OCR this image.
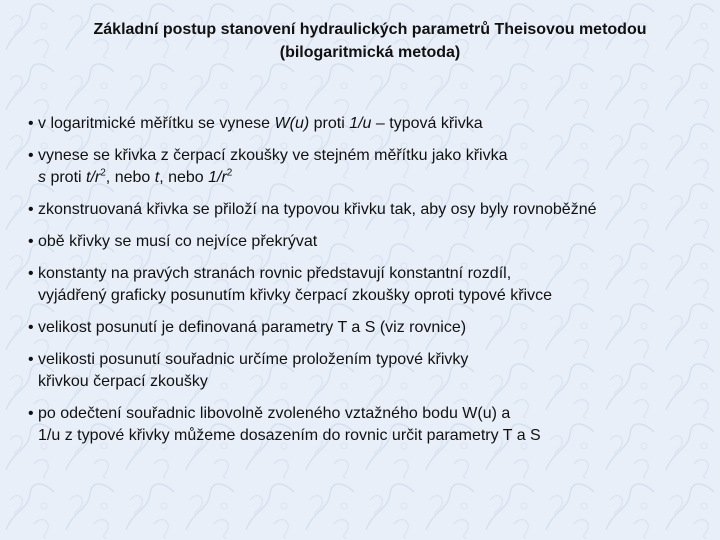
Základní postup stanovení hydraulických parametrů Theisovou metodou
(bilogaritmická metoda)
• v logaritmické měřítku se vynese W(u) proti 1/u – typová křivka
• vynese se křivka z čerpací zkoušky ve stejném měřítku jako křivka
s proti $t/r^2$, nebo t, nebo $1/r^2$
• zkonstruovaná křivka se přiloží na typovou křivku tak, aby osy byly rovnoběžné
• obě křivky se musí co nejvíce překrývat
• konstanty na pravých stranách rovnic představují konstantní rozdíl,
vyjádřený graficky posunutím křivky čerpací zkoušky oproti typové křivce
• velikost posunutí je definovaná parametry T a S (viz rovnice)
• velikosti posunutí souřadnic určíme proložením typové křivky
křivkou čerpací zkoušky
• po odečtení souřadnic libovolně zvoleného vztažného bodu W(u) a
1/u z typové křivky můžeme dosazením do rovnic určit parametry T a S
